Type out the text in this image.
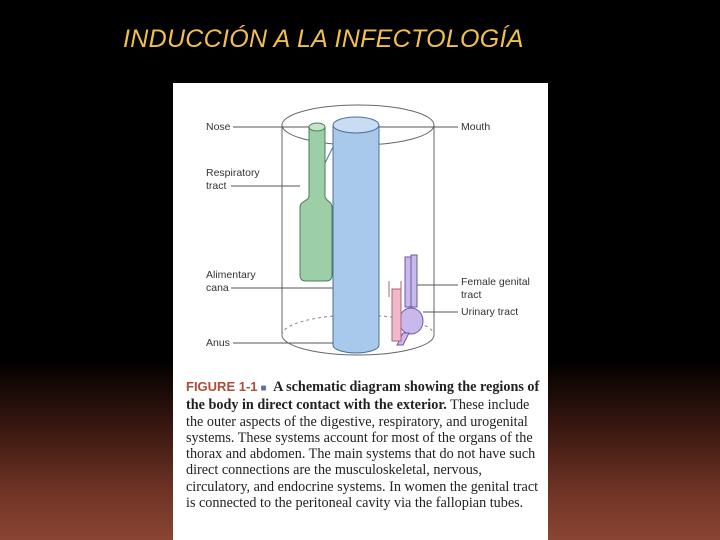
INDUCCIÓN A LA INFECTOLOGÍA
Nose	Mouth
Respiratory
tract
Alimentary
cana
Anus
Female genital
tract
Urinary tract
FIGURE 1-1 ■ A schematic diagram showing the regions of the body in direct contact with the exterior. These include the outer aspects of the digestive, respiratory, and urogenital systems. These systems account for most of the organs of the thorax and abdomen. The main systems that do not have such direct connections are the musculoskeletal, nervous, circulatory, and endocrine systems. In women the genital tract is connected to the peritoneal cavity via the fallopian tubes.
